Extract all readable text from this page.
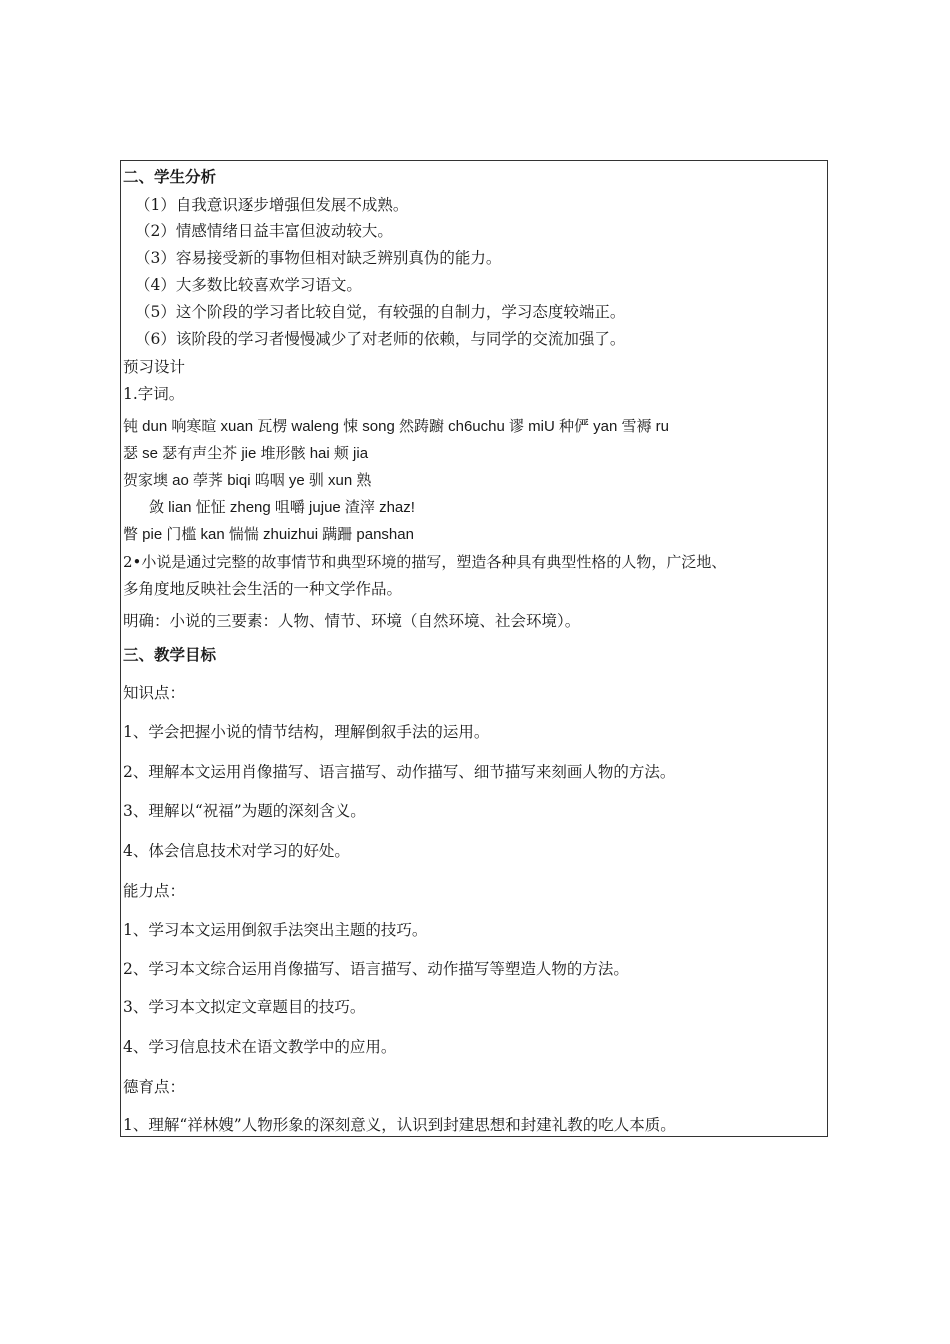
二、学生分析
（1）自我意识逐步增强但发展不成熟。
（2）情感情绪日益丰富但波动较大。
（3）容易接受新的事物但相对缺乏辨别真伪的能力。
（4）大多数比较喜欢学习语文。
（5）这个阶段的学习者比较自觉，有较强的自制力，学习态度较端正。
（6）该阶段的学习者慢慢减少了对老师的依赖，与同学的交流加强了。
预习设计
1.字词。
钝 dun 响寒暄 xuan 瓦楞 waleng 悚 song 然踌躕 ch6uchu 谬 miU 种俨 yan 雪褥 ru
瑟 se 瑟有声尘芥 jie 堆形骸 hai 颊 jia
贺家墺 ao 荸荠 biqi 呜咽 ye 驯 xun 熟
敛 lian 怔怔 zheng 咀嚼 jujue 渣滓 zhaz!
瞥 pie 门槛 kan 惴惴 zhuizhui 蹒跚 panshan
2•小说是通过完整的故事情节和典型环境的描写，塑造各种具有典型性格的人物，广泛地、
多角度地反映社会生活的一种文学作品。
明确：小说的三要素：人物、情节、环境（自然环境、社会环境）。
三、教学目标
知识点：
1、学会把握小说的情节结构，理解倒叙手法的运用。
2、理解本文运用肖像描写、语言描写、动作描写、细节描写来刻画人物的方法。
3、理解以“祝福”为题的深刻含义。
4、体会信息技术对学习的好处。
能力点：
1、学习本文运用倒叙手法突出主题的技巧。
2、学习本文综合运用肖像描写、语言描写、动作描写等塑造人物的方法。
3、学习本文拟定文章题目的技巧。
4、学习信息技术在语文教学中的应用。
德育点：
1、理解“祥林嫂”人物形象的深刻意义，认识到封建思想和封建礼教的吃人本质。
